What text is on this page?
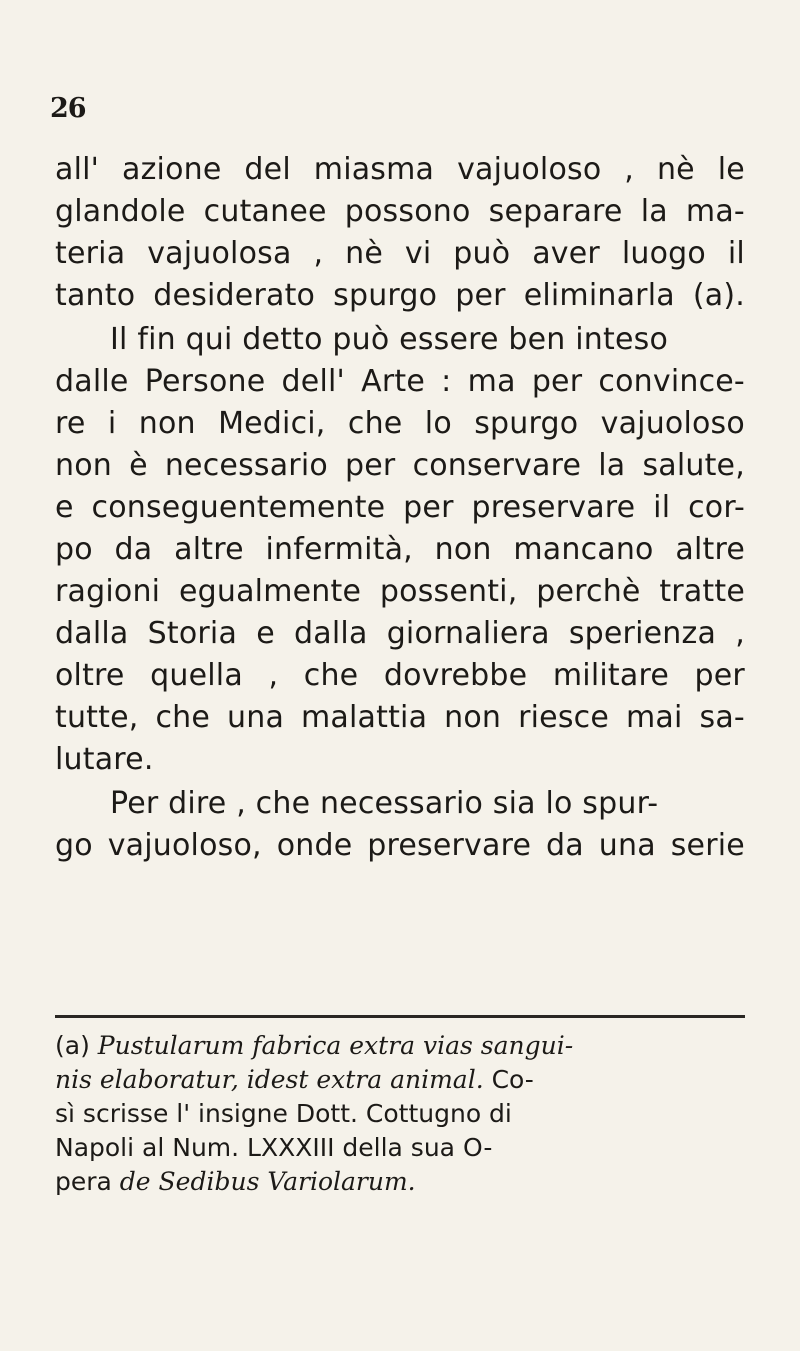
26
all' azione del miasma vajuoloso , nè le
glandole cutanee possono separare la ma-
teria vajuolosa , nè vi può aver luogo il
tanto desiderato spurgo per eliminarla (a).
Il fin qui detto può essere ben inteso
dalle Persone dell' Arte : ma per convince-
re i non Medici, che lo spurgo vajuoloso
non è necessario per conservare la salute,
e conseguentemente per preservare il cor-
po da altre infermità, non mancano altre
ragioni egualmente possenti, perchè tratte
dalla Storia e dalla giornaliera sperienza ,
oltre quella , che dovrebbe militare per
tutte, che una malattia non riesce mai sa-
lutare.
Per dire , che necessario sia lo spur-
go vajuoloso, onde preservare da una serie
(a) Pustularum fabrica extra vias sangui-
nis elaboratur, idest extra animal. Co-
sì scrisse l' insigne Dott. Cottugno di
Napoli al Num. LXXXIII della sua O-
pera de Sedibus Variolarum.
